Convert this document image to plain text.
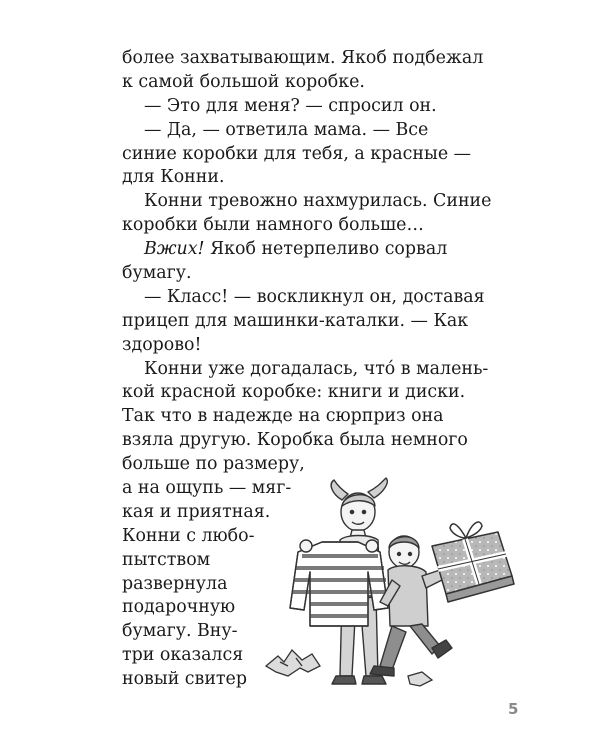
более захватывающим. Якоб подбежал
к самой большой коробке.
— Это для меня? — спросил он.
— Да, — ответила мама. — Все
синие коробки для тебя, а красные —
для Конни.
Конни тревожно нахмурилась. Синие
коробки были намного больше…
Вжих! Якоб нетерпеливо сорвал
бумагу.
— Класс! — воскликнул он, доставая
прицеп для машинки-каталки. — Как
здорово!
Конни уже догадалась, что́ в малень-
кой красной коробке: книги и диски.
Так что в надежде на сюрприз она
взяла другую. Коробка была немного
больше по размеру,
а на ощупь — мяг-
кая и приятная.
Конни с любо-
пытством
развернула
подарочную
бумагу. Вну-
три оказался
новый свитер
5
